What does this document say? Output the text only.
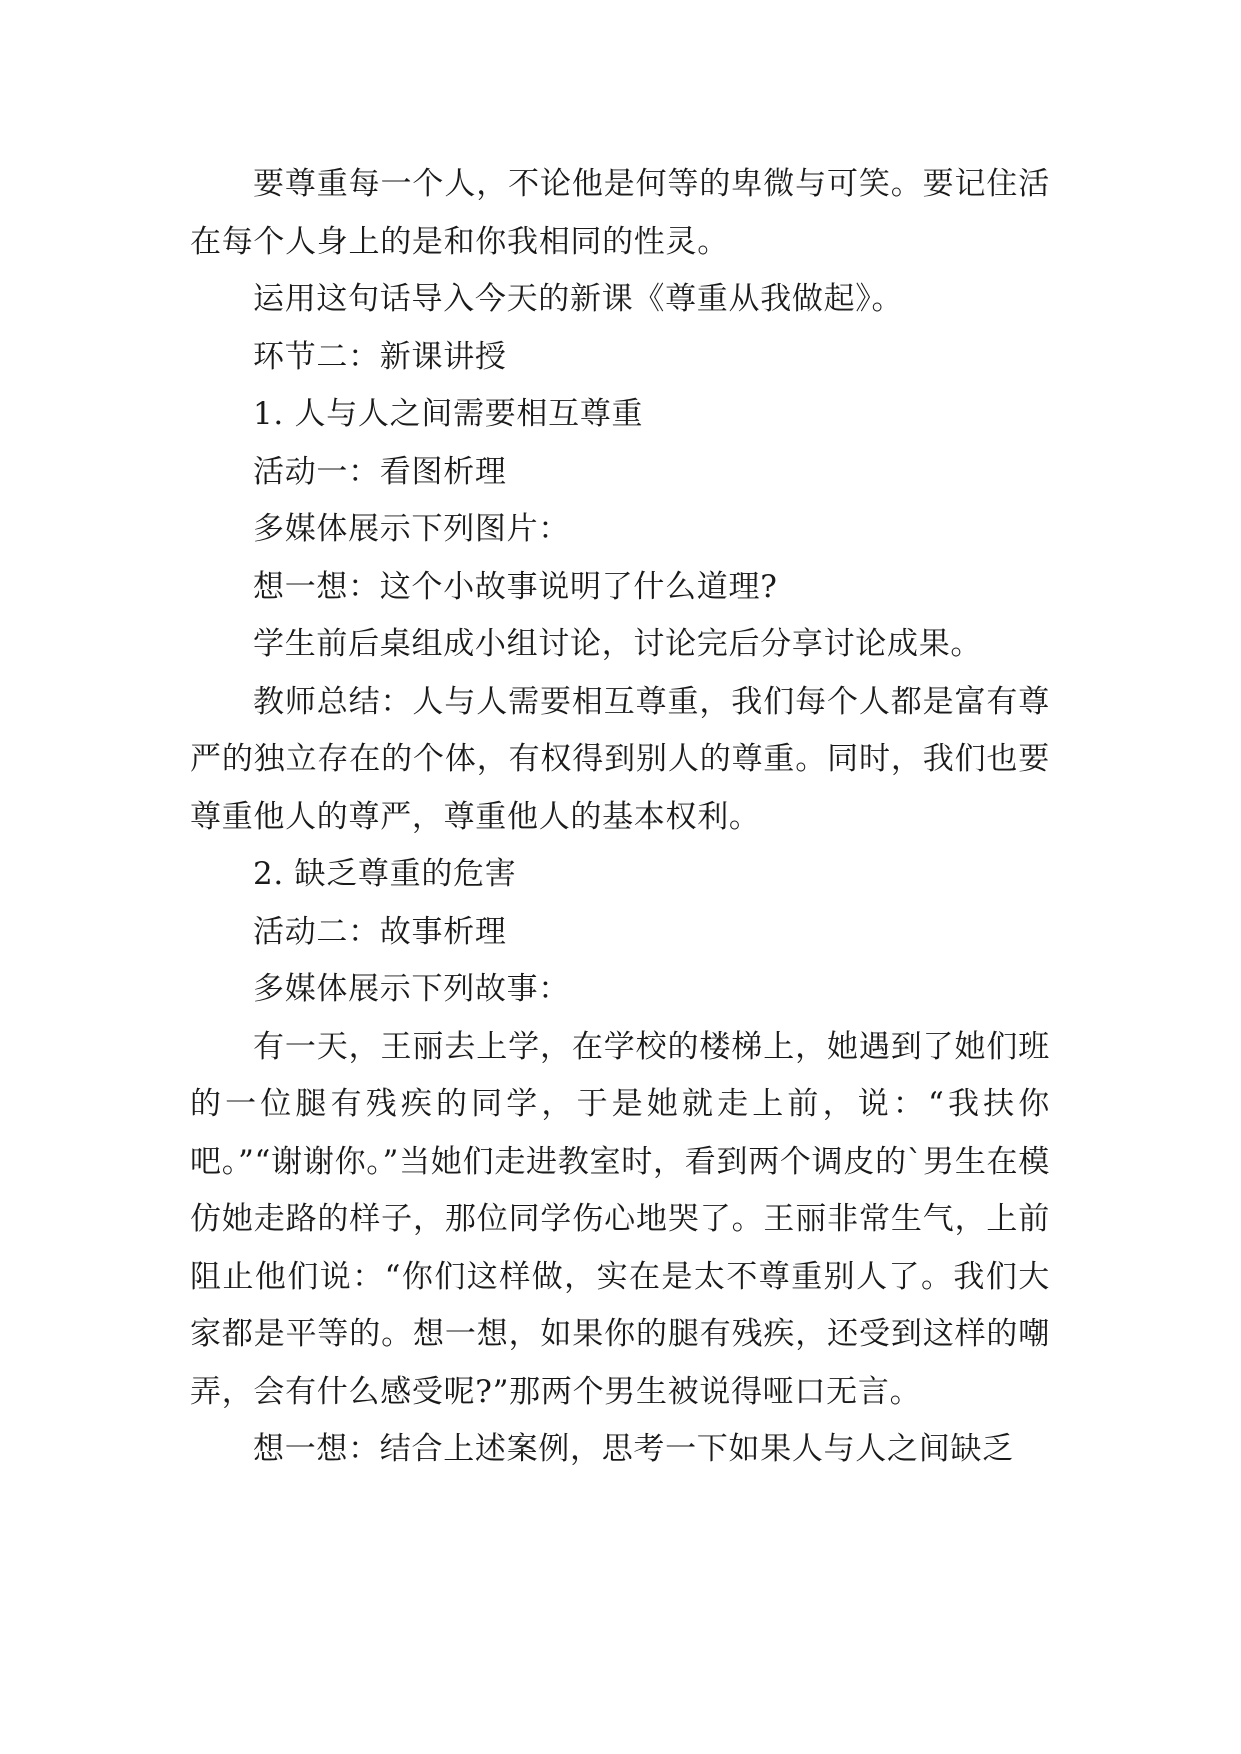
要尊重每一个人，不论他是何等的卑微与可笑。要记住活在每个人身上的是和你我相同的性灵。

运用这句话导入今天的新课《尊重从我做起》。

环节二：新课讲授

1. 人与人之间需要相互尊重

活动一：看图析理

多媒体展示下列图片：

想一想：这个小故事说明了什么道理?

学生前后桌组成小组讨论，讨论完后分享讨论成果。

教师总结：人与人需要相互尊重，我们每个人都是富有尊严的独立存在的个体，有权得到别人的尊重。同时，我们也要尊重他人的尊严，尊重他人的基本权利。

2. 缺乏尊重的危害

活动二：故事析理

多媒体展示下列故事：

有一天，王丽去上学，在学校的楼梯上，她遇到了她们班的一位腿有残疾的同学，于是她就走上前，说：“我扶你吧。”“谢谢你。”当她们走进教室时，看到两个调皮的`男生在模仿她走路的样子，那位同学伤心地哭了。王丽非常生气，上前阻止他们说：“你们这样做，实在是太不尊重别人了。我们大家都是平等的。想一想，如果你的腿有残疾，还受到这样的嘲弄，会有什么感受呢?”那两个男生被说得哑口无言。

想一想：结合上述案例，思考一下如果人与人之间缺乏
